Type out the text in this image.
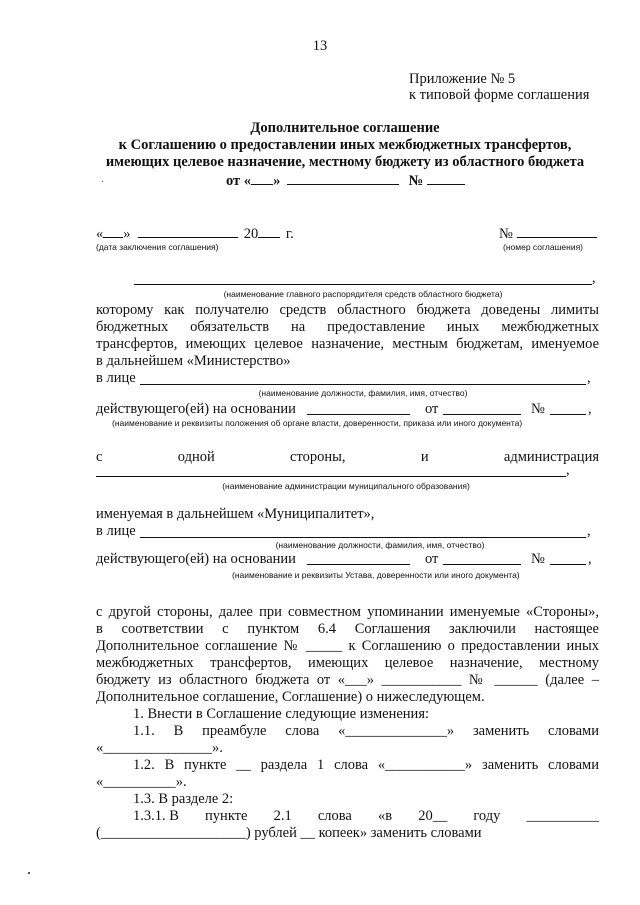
13
Приложение № 5
к типовой форме соглашения
Дополнительное соглашение
к Соглашению о предоставлении иных межбюджетных трансфертов,
имеющих целевое назначение, местному бюджету из областного бюджета
от « »	№
« »	20 г.
(дата заключения соглашения)
№
(номер соглашения)
,
(наименование главного распорядителя средств областного бюджета)
которому как получателю средств областного бюджета доведены лимиты
бюджетных обязательств на предоставление иных межбюджетных
трансфертов, имеющих целевое назначение, местным бюджетам, именуемое
в дальнейшем «Министерство»
в лице	,
(наименование должности, фамилия, имя, отчество)
действующего(ей) на основании	от	№	,
(наименование и реквизиты положения об органе власти, доверенности, приказа или иного документа)
с	одной	стороны,	и	администрация
,
(наименование администрации муниципального образования)
именуемая в дальнейшем «Муниципалитет»,
в лице	,
(наименование должности, фамилия, имя, отчество)
действующего(ей) на основании	от	№	,
(наименование и реквизиты Устава, доверенности или иного документа)
с другой стороны, далее при совместном упоминании именуемые «Стороны»,
в соответствии с пунктом 6.4 Соглашения заключили настоящее
Дополнительное соглашение № _____ к Соглашению о предоставлении иных
межбюджетных трансфертов, имеющих целевое назначение, местному
бюджету из областного бюджета от «___» ___________ № ______ (далее –
Дополнительное соглашение, Соглашение) о нижеследующем.
1. Внести в Соглашение следующие изменения:
1.1. В преамбуле слова «______________» заменить словами
«_______________».
1.2. В пункте __ раздела 1 слова «___________» заменить словами
«__________».
1.3. В разделе 2:
1.3.1. В пункте 2.1 слова «в 20__ году __________
(____________________) рублей __ копеек» заменить словами
